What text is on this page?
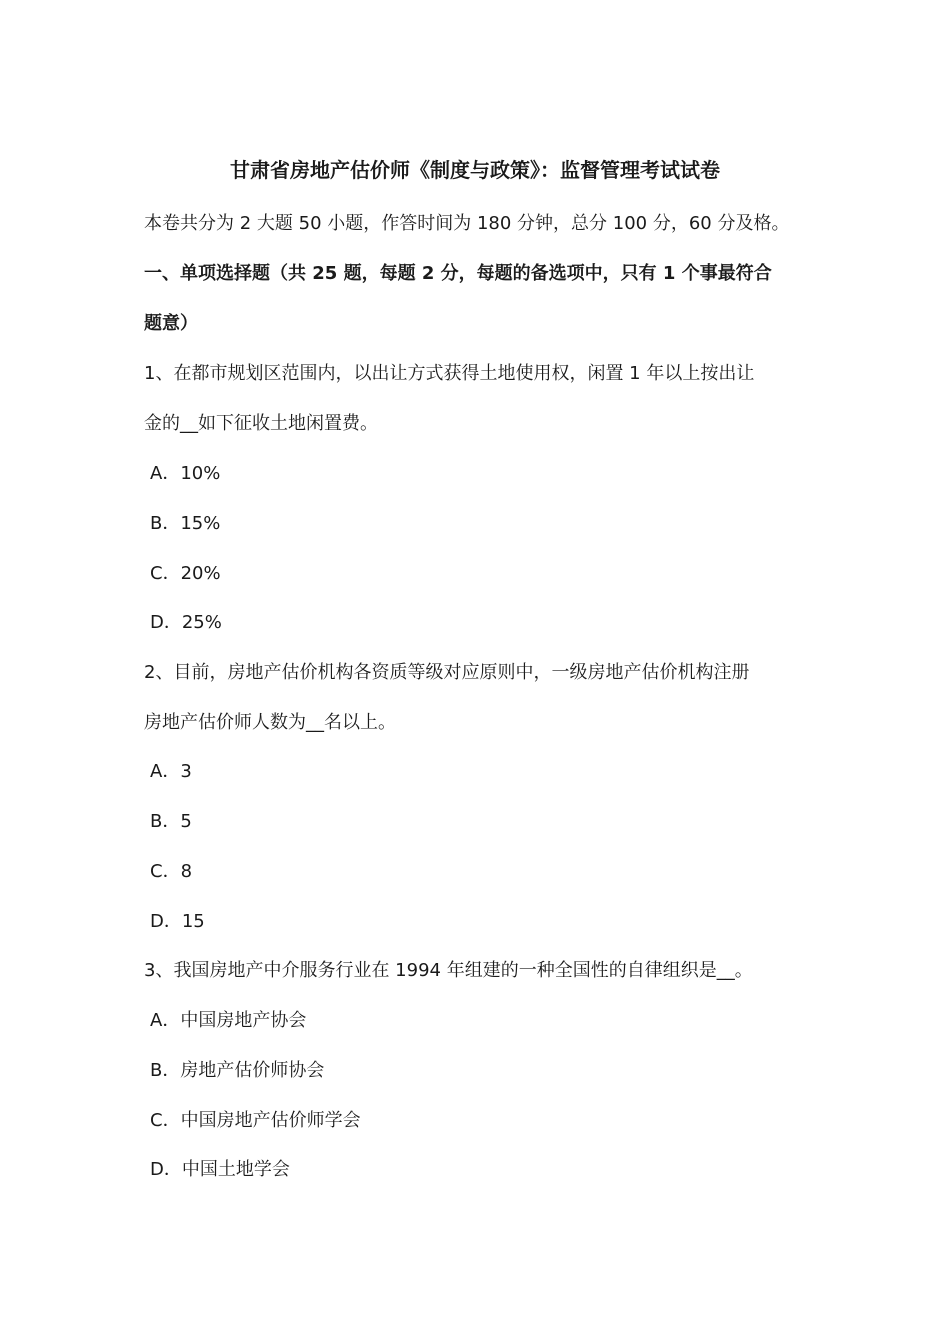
甘肃省房地产估价师《制度与政策》：监督管理考试试卷
本卷共分为 2 大题 50 小题，作答时间为 180 分钟，总分 100 分，60 分及格。
一、单项选择题（共 25 题，每题 2 分，每题的备选项中，只有 1 个事最符合
题意）
1、在都市规划区范围内，以出让方式获得土地使用权，闲置 1 年以上按出让
金的__如下征收土地闲置费。
A．10%
B．15%
C．20%
D．25%
2、目前，房地产估价机构各资质等级对应原则中，一级房地产估价机构注册
房地产估价师人数为__名以上。
A．3
B．5
C．8
D．15
3、我国房地产中介服务行业在 1994 年组建的一种全国性的自律组织是__。
A．中国房地产协会
B．房地产估价师协会
C．中国房地产估价师学会
D．中国土地学会
